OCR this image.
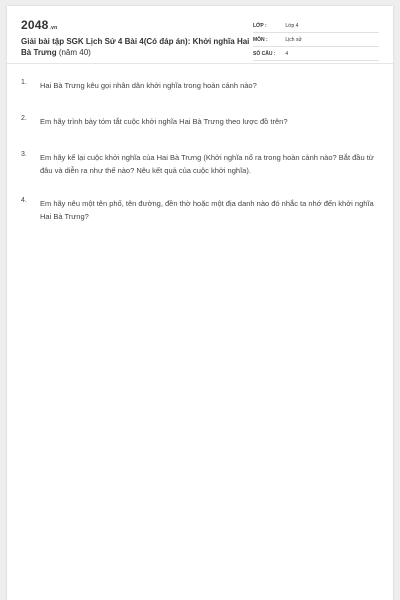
2048.vn
Giải bài tập SGK Lịch Sử 4 Bài 4(Có đáp án): Khởi nghĩa Hai Bà Trưng (năm 40)
LỚP :	Lớp 4
MÔN :	Lịch sử
SỐ CÂU : 4
1. Hai Bà Trưng kêu gọi nhân dân khởi nghĩa trong hoàn cảnh nào?
2. Em hãy trình bày tóm tắt cuộc khởi nghĩa Hai Bà Trưng theo lược đồ trên?
3. Em hãy kể lại cuộc khởi nghĩa của Hai Bà Trưng (Khởi nghĩa nổ ra trong hoàn cảnh nào? Bắt đầu từ đâu và diễn ra như thế nào? Nêu kết quả của cuộc khởi nghĩa).
4. Em hãy nêu một tên phố, tên đường, đền thờ hoặc một địa danh nào đó nhắc ta nhớ đến khởi nghĩa Hai Bà Trưng?
